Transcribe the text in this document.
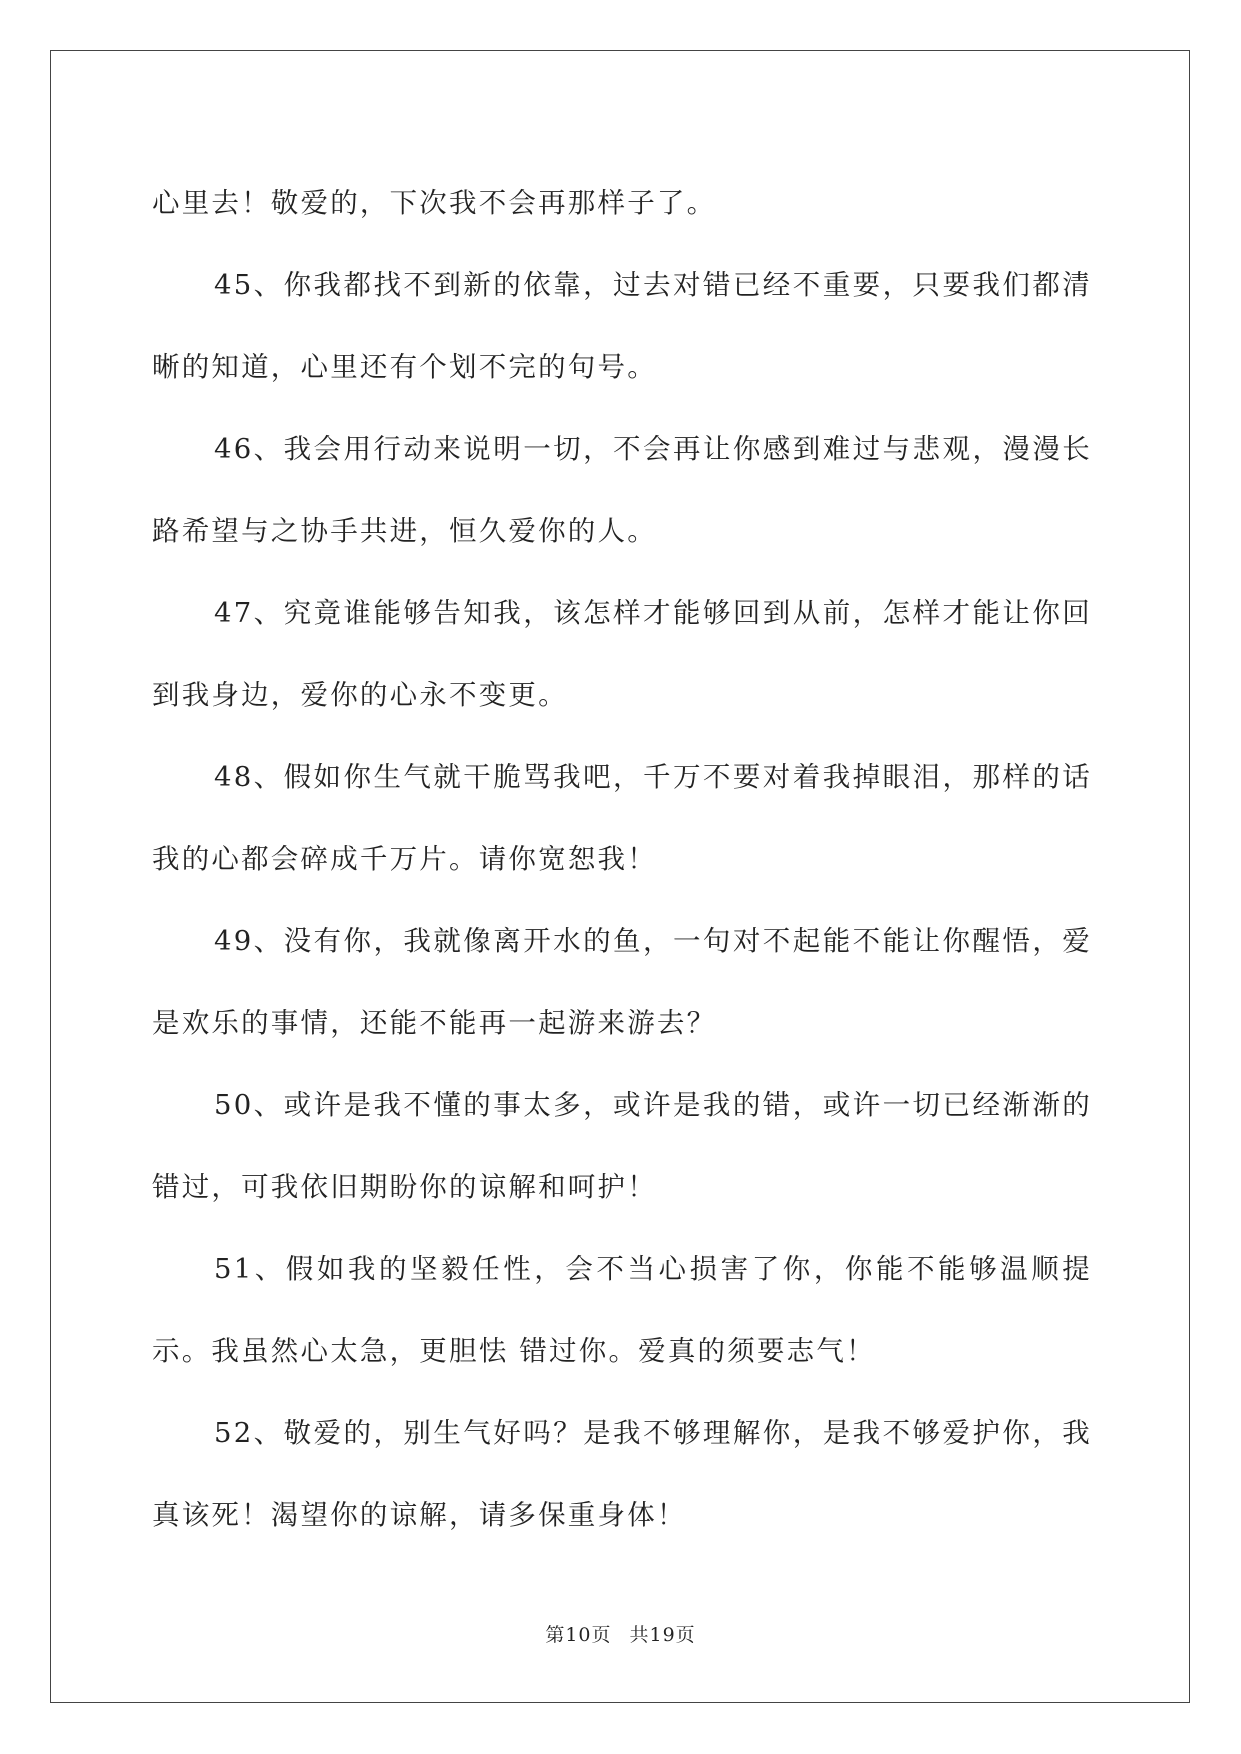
心里去！敬爱的，下次我不会再那样子了。

45、你我都找不到新的依靠，过去对错已经不重要，只要我们都清晰的知道，心里还有个划不完的句号。

46、我会用行动来说明一切，不会再让你感到难过与悲观，漫漫长路希望与之协手共进，恒久爱你的人。

47、究竟谁能够告知我，该怎样才能够回到从前，怎样才能让你回到我身边，爱你的心永不变更。

48、假如你生气就干脆骂我吧，千万不要对着我掉眼泪，那样的话我的心都会碎成千万片。请你宽恕我！

49、没有你，我就像离开水的鱼，一句对不起能不能让你醒悟，爱是欢乐的事情，还能不能再一起游来游去？

50、或许是我不懂的事太多，或许是我的错，或许一切已经渐渐的错过，可我依旧期盼你的谅解和呵护！

51、假如我的坚毅任性，会不当心损害了你，你能不能够温顺提示。我虽然心太急，更胆怯 错过你。爱真的须要志气！

52、敬爱的，别生气好吗？是我不够理解你，是我不够爱护你，我真该死！渴望你的谅解，请多保重身体！

第10页 共19页
